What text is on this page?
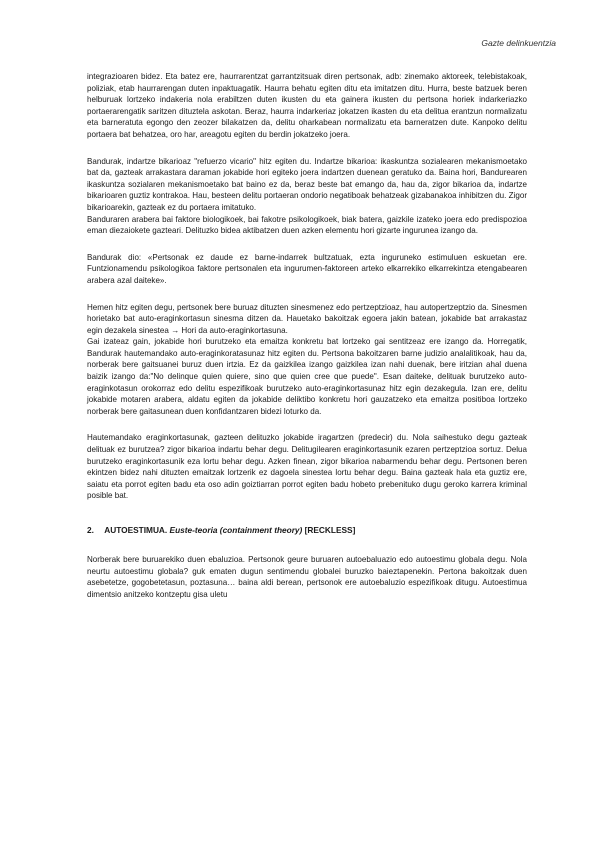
Gazte delinkuentzia

integrazioaren bidez. Eta batez ere, haurrarentzat garrantzitsuak diren pertsonak, adb: zinemako aktoreek, telebistakoak, poliziak, etab haurrarengan duten inpaktuagatik. Haurra behatu egiten ditu eta imitatzen ditu. Hurra, beste batzuek beren helburuak lortzeko indakeria nola erabiltzen duten ikusten du eta gainera ikusten du pertsona horiek indarkeriazko portaerarengatik saritzen dituztela askotan. Beraz, haurra indarkeriaz jokatzen ikasten du eta delitua erantzun normalizatu eta barneratuta egongo den zeozer bilakatzen da, delitu oharkabean normalizatu eta barneratzen dute. Kanpoko delitu portaera bat behatzea, oro har, areagotu egiten du berdin jokatzeko joera.

Bandurak, indartze bikarioaz "refuerzo vicario" hitz egiten du. Indartze bikarioa: ikaskuntza sozialearen mekanismoetako bat da, gazteak arrakastara daraman jokabide hori egiteko joera indartzen duenean geratuko da. Baina hori, Bandurearen ikaskuntza sozialaren mekanismoetako bat baino ez da, beraz beste bat emango da, hau da, zigor bikarioa da, indartze bikarioaren guztiz kontrakoa. Hau, besteen delitu portaeran ondorio negatiboak behatzeak gizabanakoa inhibitzen du. Zigor bikarioarekin, gazteak ez du portaera imitatuko.

Banduraren arabera bai faktore biologikoek, bai fakotre psikologikoek, biak batera, gaizkile izateko joera edo predispozioa eman diezaiokete gazteari. Delituzko bidea aktibatzen duen azken elementu hori gizarte ingurunea izango da.

Bandurak dio: «Pertsonak ez daude ez barne-indarrek bultzatuak, ezta inguruneko estimuluen eskuetan ere. Funtzionamendu psikologikoa faktore pertsonalen eta ingurumen-faktoreen arteko elkarrekiko elkarrekintza etengabearen arabera azal daiteke».

Hemen hitz egiten degu, pertsonek bere buruaz dituzten sinesmenez edo pertzeptzioaz, hau autopertzeptzio da. Sinesmen horietako bat auto-eraginkortasun sinesma ditzen da. Hauetako bakoitzak egoera jakin batean, jokabide bat arrakastaz egin dezakela sinestea → Hori da auto-eraginkortasuna.

Gai izateaz gain, jokabide hori burutzeko eta emaitza konkretu bat lortzeko gai sentitzeaz ere izango da. Horregatik, Bandurak hautemandako auto-eraginkoratasunaz hitz egiten du. Pertsona bakoitzaren barne judizio analalitikoak, hau da, norberak bere gaitsuanei buruz duen irtzia. Ez da gaizkilea izango gaizkilea izan nahi duenak, bere iritzian ahal duena baizik izango da:"No delinque quien quiere, sino que quien cree que puede". Esan daiteke, delituak burutzeko auto-eraginkotasun orokorraz edo delitu espezifikoak burutzeko auto-eraginkortasunaz hitz egin dezakegula. Izan ere, delitu jokabide motaren arabera, aldatu egiten da jokabide deliktibo konkretu hori gauzatzeko eta emaitza positiboa lortzeko norberak bere gaitasunean duen konfidantzaren bidezi loturko da.

Hautemandako eraginkortasunak, gazteen delituzko jokabide iragartzen (predecir) du. Nola saihestuko degu gazteak delituak ez burutzea? zigor bikarioa indartu behar degu. Delitugilearen eraginkortasunik ezaren pertzeptzioa sortuz. Delua burutzeko eraginkortasunik eza lortu behar degu. Azken finean, zigor bikarioa nabarmendu behar degu. Pertsonen beren ekintzen bidez nahi dituzten emaitzak lortzerik ez dagoela sinestea lortu behar degu. Baina gazteak hala eta guztiz ere, saiatu eta porrot egiten badu eta oso adin goiztiarran porrot egiten badu hobeto prebenituko dugu geroko karrera kriminal posible bat.

2. AUTOESTIMUA. Euste-teoria (containment theory) [RECKLESS]

Norberak bere buruarekiko duen ebaluzioa. Pertsonok geure buruaren autoebaluazio edo autoestimu globala degu. Nola neurtu autoestimu globala? guk ematen dugun sentimendu globalei buruzko baieztapenekin. Pertona bakoitzak duen asebetetze, gogobetetasun, poztasuna… baina aldi berean, pertsonok ere autoebaluzio espezifikoak ditugu. Autoestimua dimentsio anitzeko kontzeptu gisa uletu
